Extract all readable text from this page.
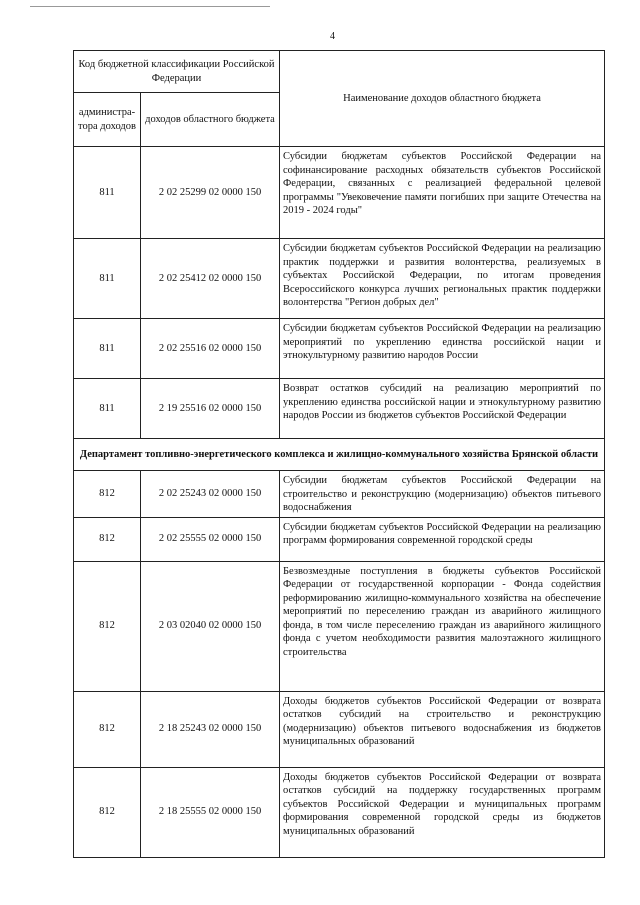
4
Код бюджетной классификации Российской Федерации		Наименование доходов областного бюджета
администра-тора доходов	доходов областного бюджета	
811	2 02 25299 02 0000 150	Субсидии бюджетам субъектов Российской Федерации на софинансирование расходных обязательств субъектов Российской Федерации, связанных с реализацией федеральной целевой программы "Увековечение памяти погибших при защите Отечества на 2019 - 2024 годы"
811	2 02 25412 02 0000 150	Субсидии бюджетам субъектов Российской Федерации на реализацию практик поддержки и развития волонтерства, реализуемых в субъектах Российской Федерации, по итогам проведения Всероссийского конкурса лучших региональных практик поддержки волонтерства "Регион добрых дел"
811	2 02 25516 02 0000 150	Субсидии бюджетам субъектов Российской Федерации на реализацию мероприятий по укреплению единства российской нации и этнокультурному развитию народов России
811	2 19 25516 02 0000 150	Возврат остатков субсидий на реализацию мероприятий по укреплению единства российской нации и этнокультурному развитию народов России из бюджетов субъектов Российской Федерации
Департамент топливно-энергетического комплекса и жилищно-коммунального хозяйства Брянской области		
812	2 02 25243 02 0000 150	Субсидии бюджетам субъектов Российской Федерации на строительство и реконструкцию (модернизацию) объектов питьевого водоснабжения
812	2 02 25555 02 0000 150	Субсидии бюджетам субъектов Российской Федерации на реализацию программ формирования современной городской среды
812	2 03 02040 02 0000 150	Безвозмездные поступления в бюджеты субъектов Российской Федерации от государственной корпорации - Фонда содействия реформированию жилищно-коммунального хозяйства на обеспечение мероприятий по переселению граждан из аварийного жилищного фонда, в том числе переселению граждан из аварийного жилищного фонда с учетом необходимости развития малоэтажного жилищного строительства
812	2 18 25243 02 0000 150	Доходы бюджетов субъектов Российской Федерации от возврата остатков субсидий на строительство и реконструкцию (модернизацию) объектов питьевого водоснабжения из бюджетов муниципальных образований
812	2 18 25555 02 0000 150	Доходы бюджетов субъектов Российской Федерации от возврата остатков субсидий на поддержку государственных программ субъектов Российской Федерации и муниципальных программ формирования современной городской среды из бюджетов муниципальных образований
